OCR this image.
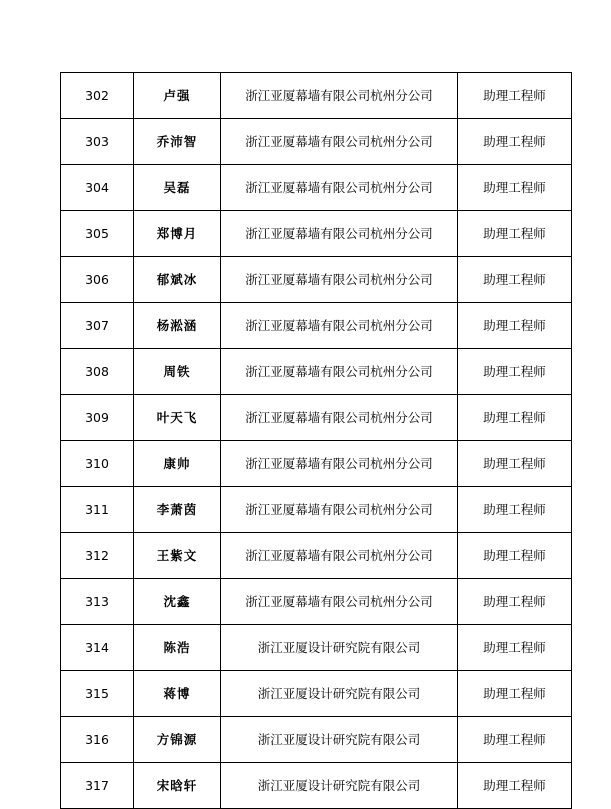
302	卢强	浙江亚厦幕墙有限公司杭州分公司	助理工程师
303	乔沛智	浙江亚厦幕墙有限公司杭州分公司	助理工程师
304	吴磊	浙江亚厦幕墙有限公司杭州分公司	助理工程师
305	郑博月	浙江亚厦幕墙有限公司杭州分公司	助理工程师
306	郁斌冰	浙江亚厦幕墙有限公司杭州分公司	助理工程师
307	杨淞涵	浙江亚厦幕墙有限公司杭州分公司	助理工程师
308	周铁	浙江亚厦幕墙有限公司杭州分公司	助理工程师
309	叶天飞	浙江亚厦幕墙有限公司杭州分公司	助理工程师
310	康帅	浙江亚厦幕墙有限公司杭州分公司	助理工程师
311	李萧茵	浙江亚厦幕墙有限公司杭州分公司	助理工程师
312	王紫文	浙江亚厦幕墙有限公司杭州分公司	助理工程师
313	沈鑫	浙江亚厦幕墙有限公司杭州分公司	助理工程师
314	陈浩	浙江亚厦设计研究院有限公司	助理工程师
315	蒋博	浙江亚厦设计研究院有限公司	助理工程师
316	方锦源	浙江亚厦设计研究院有限公司	助理工程师
317	宋晗轩	浙江亚厦设计研究院有限公司	助理工程师
